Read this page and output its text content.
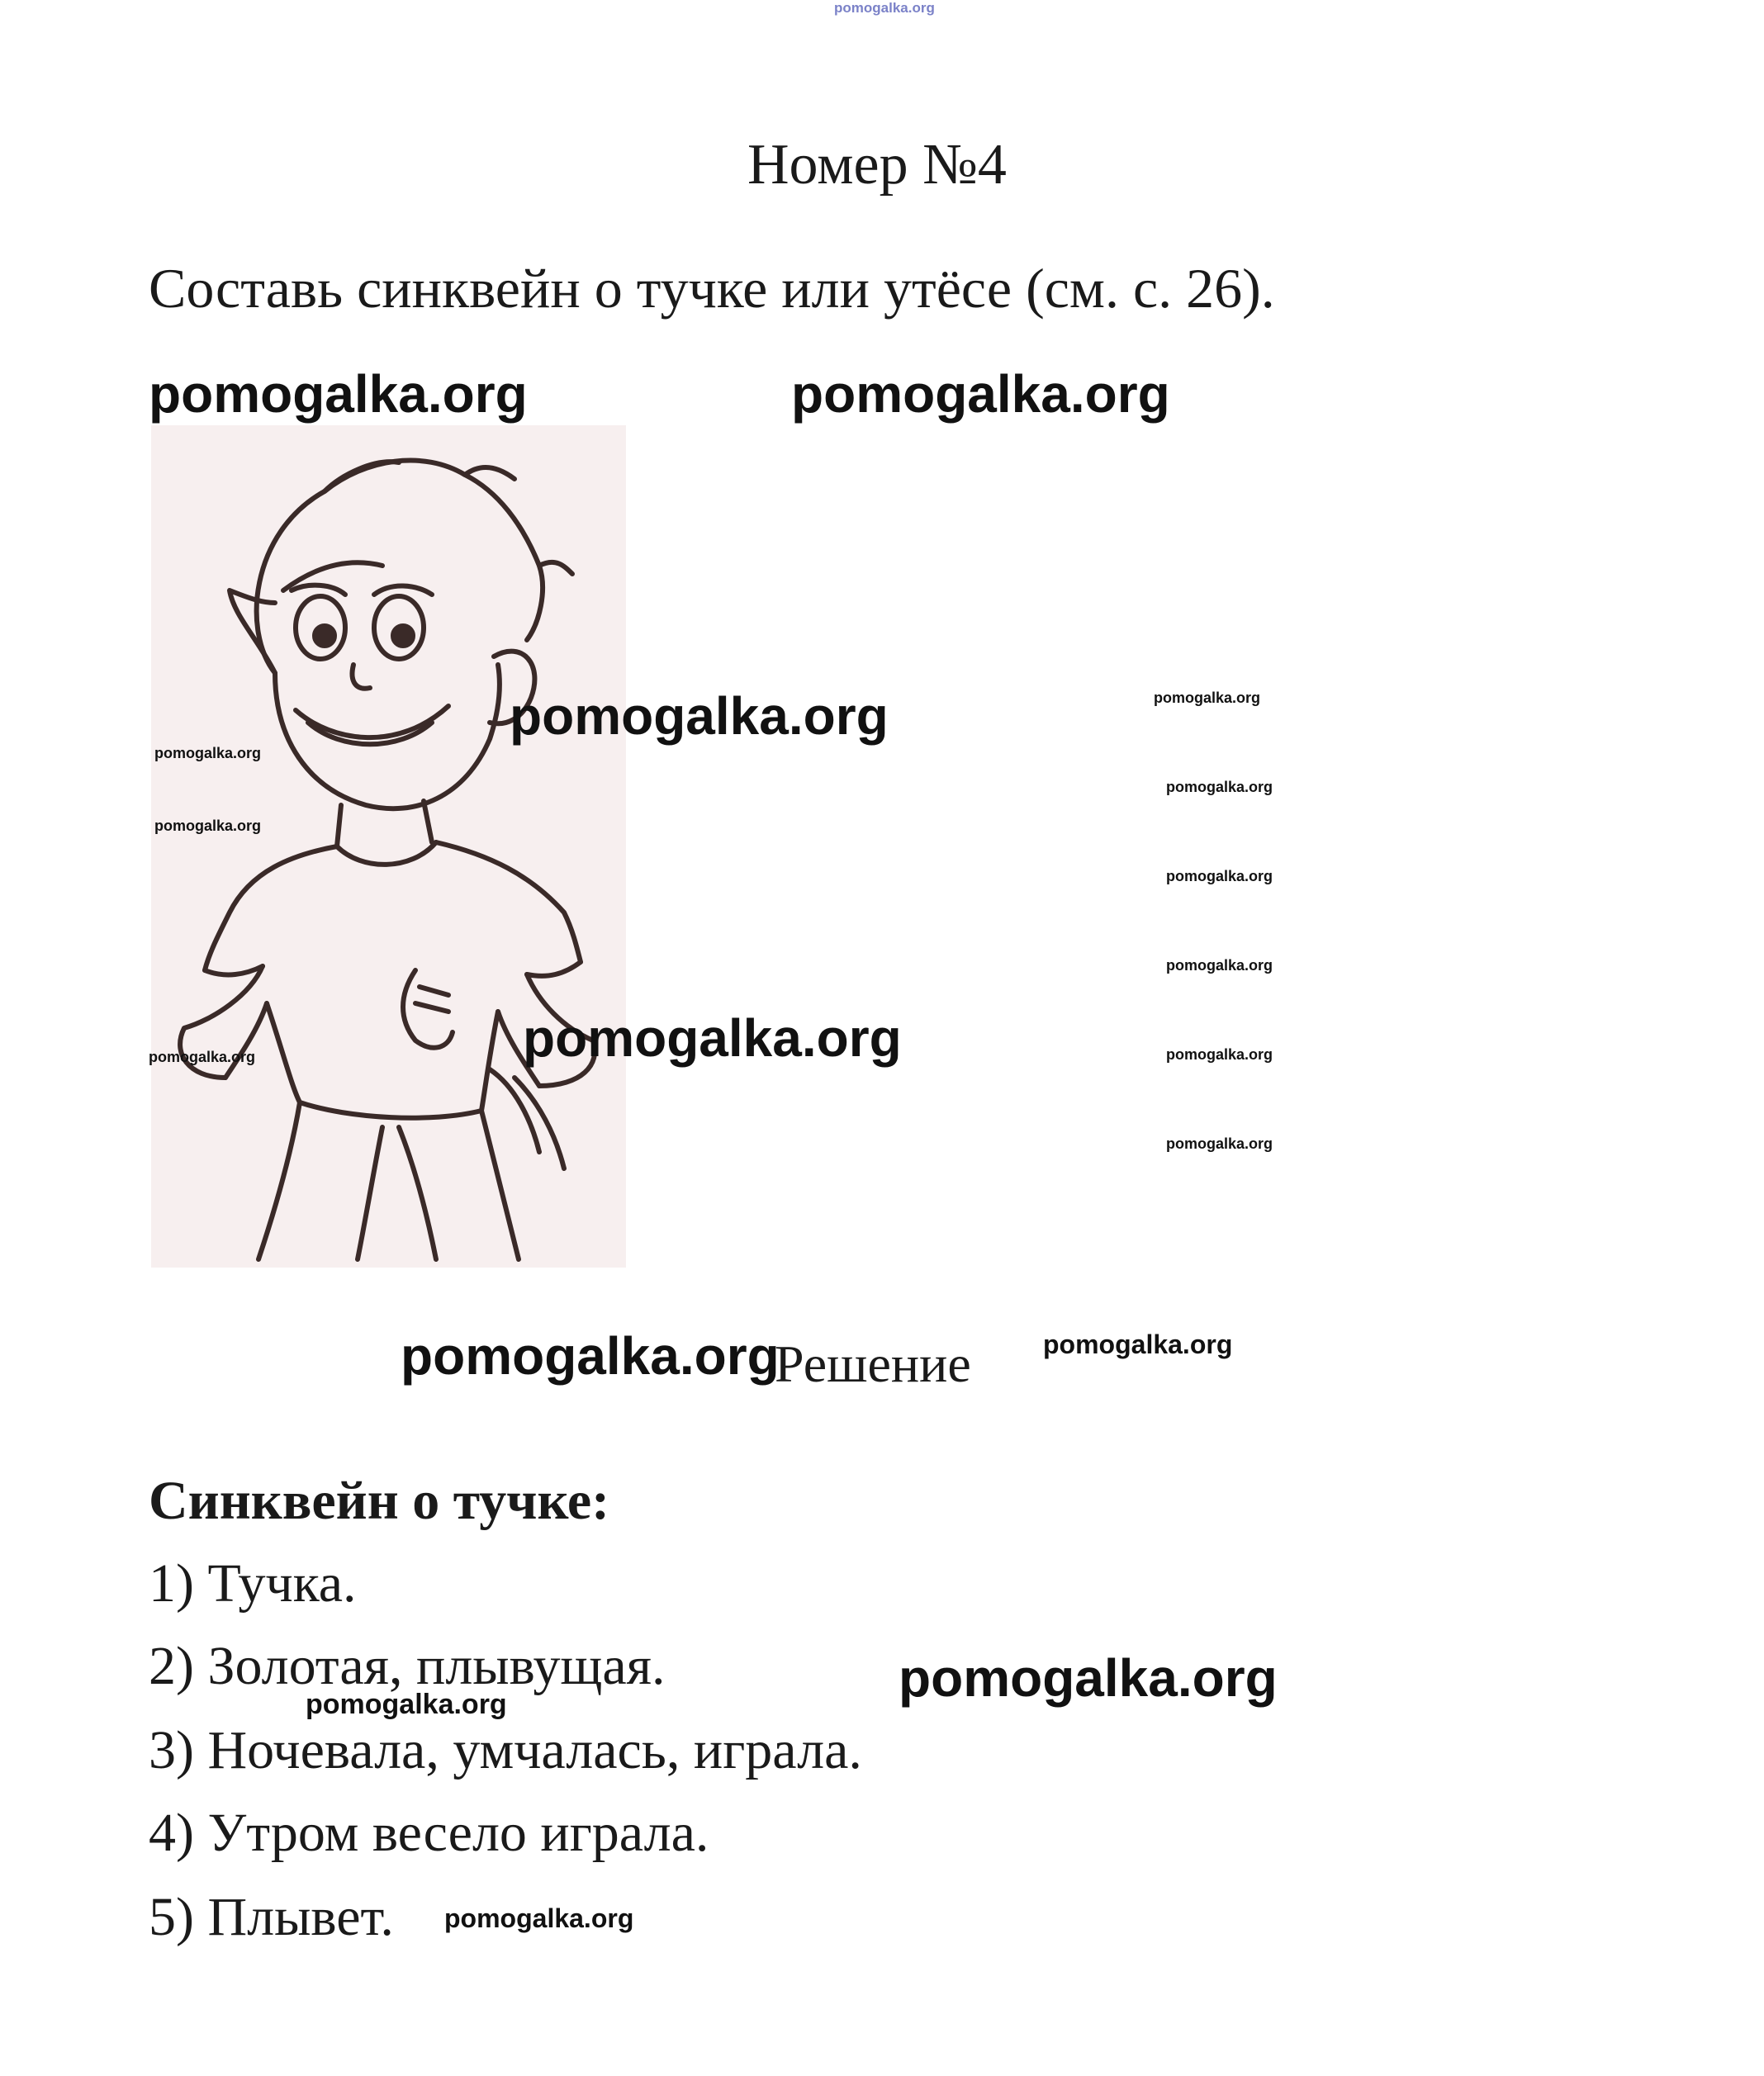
pomogalka.org
Номер №4
Составь синквейн о тучке или утёсе (см. с. 26).
pomogalka.org	pomogalka.org
pomogalka.org
pomogalka.org
pomogalka.org
pomogalka.org
pomogalka.org
pomogalka.org
pomogalka.org
pomogalka.org
pomogalka.org
pomogalka.org
pomogalka.org
pomogalka.org
Решение	pomogalka.org
Синквейн о тучке:
1) Тучка.
2) Золотая, плывущая.
pomogalka.org	pomogalka.org
3) Ночевала, умчалась, играла.
4) Утром весело играла.
5) Плывет. pomogalka.org
